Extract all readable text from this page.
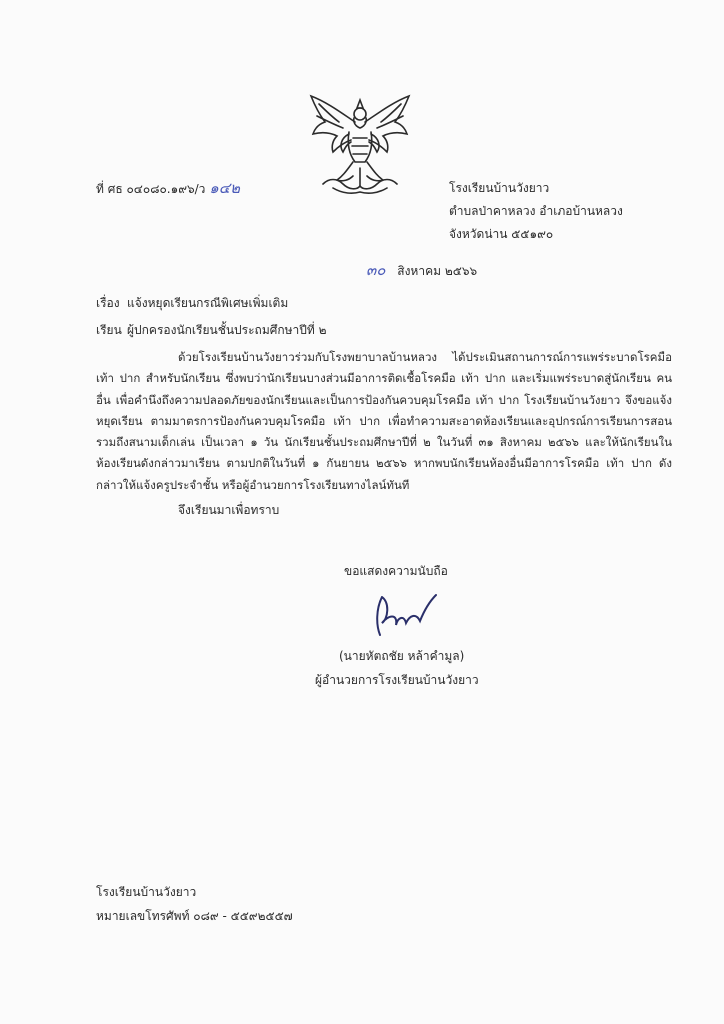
ที่ ศธ ๐๔๐๘๐.๑๙๖/ว ๑๔๒	โรงเรียนบ้านวังยาว
ตำบลป่าคาหลวง อำเภอบ้านหลวง
จังหวัดน่าน ๕๕๑๙๐
๓๐ สิงหาคม ๒๕๖๖
เรื่อง แจ้งหยุดเรียนกรณีพิเศษเพิ่มเติม
เรียน ผู้ปกครองนักเรียนชั้นประถมศึกษาปีที่ ๒
ด้วยโรงเรียนบ้านวังยาวร่วมกับโรงพยาบาลบ้านหลวง ได้ประเมินสถานการณ์การแพร่ระบาดโรคมือ เท้า ปาก สำหรับนักเรียน ซึ่งพบว่านักเรียนบางส่วนมีอาการติดเชื้อโรคมือ เท้า ปาก และเริ่มแพร่ระบาดสู่นักเรียน คนอื่น เพื่อคำนึงถึงความปลอดภัยของนักเรียนและเป็นการป้องกันควบคุมโรคมือ เท้า ปาก โรงเรียนบ้านวังยาว จึงขอแจ้งหยุดเรียน ตามมาตรการป้องกันควบคุมโรคมือ เท้า ปาก เพื่อทำความสะอาดห้องเรียนและอุปกรณ์การเรียนการสอนรวมถึงสนามเด็กเล่น เป็นเวลา ๑ วัน นักเรียนชั้นประถมศึกษาปีที่ ๒ ในวันที่ ๓๑ สิงหาคม ๒๕๖๖ และให้นักเรียนในห้องเรียนดังกล่าวมาเรียน ตามปกติในวันที่ ๑ กันยายน ๒๕๖๖ หากพบนักเรียนห้องอื่นมีอาการโรคมือ เท้า ปาก ดังกล่าวให้แจ้งครูประจำชั้น หรือผู้อำนวยการโรงเรียนทางไลน์ทันที
จึงเรียนมาเพื่อทราบ
ขอแสดงความนับถือ
(นายหัตถชัย หล้าคำมูล)
ผู้อำนวยการโรงเรียนบ้านวังยาว
โรงเรียนบ้านวังยาว
หมายเลขโทรศัพท์ ๐๘๙ - ๕๕๙๒๕๕๗
